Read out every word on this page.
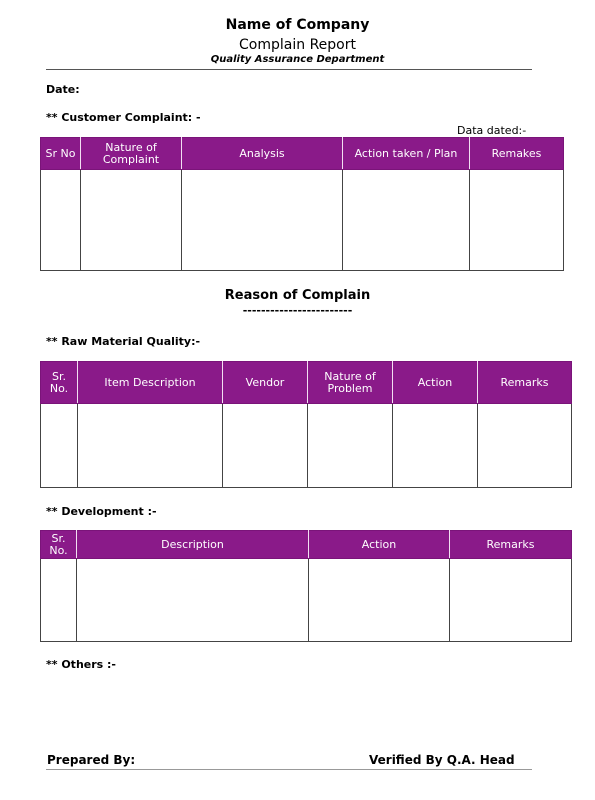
Name of Company
Complain Report
Quality Assurance Department
Date:
** Customer Complaint: -
Data dated:-
Sr No	Nature of Complaint	Analysis	Action taken / Plan	Remakes

Reason of Complain
------------------------
** Raw Material Quality:-
Sr. No.	Item Description	Vendor	Nature of Problem	Action	Remarks

** Development :-
Sr. No.	Description	Action	Remarks

** Others :-
Prepared By:	Verified By Q.A. Head
